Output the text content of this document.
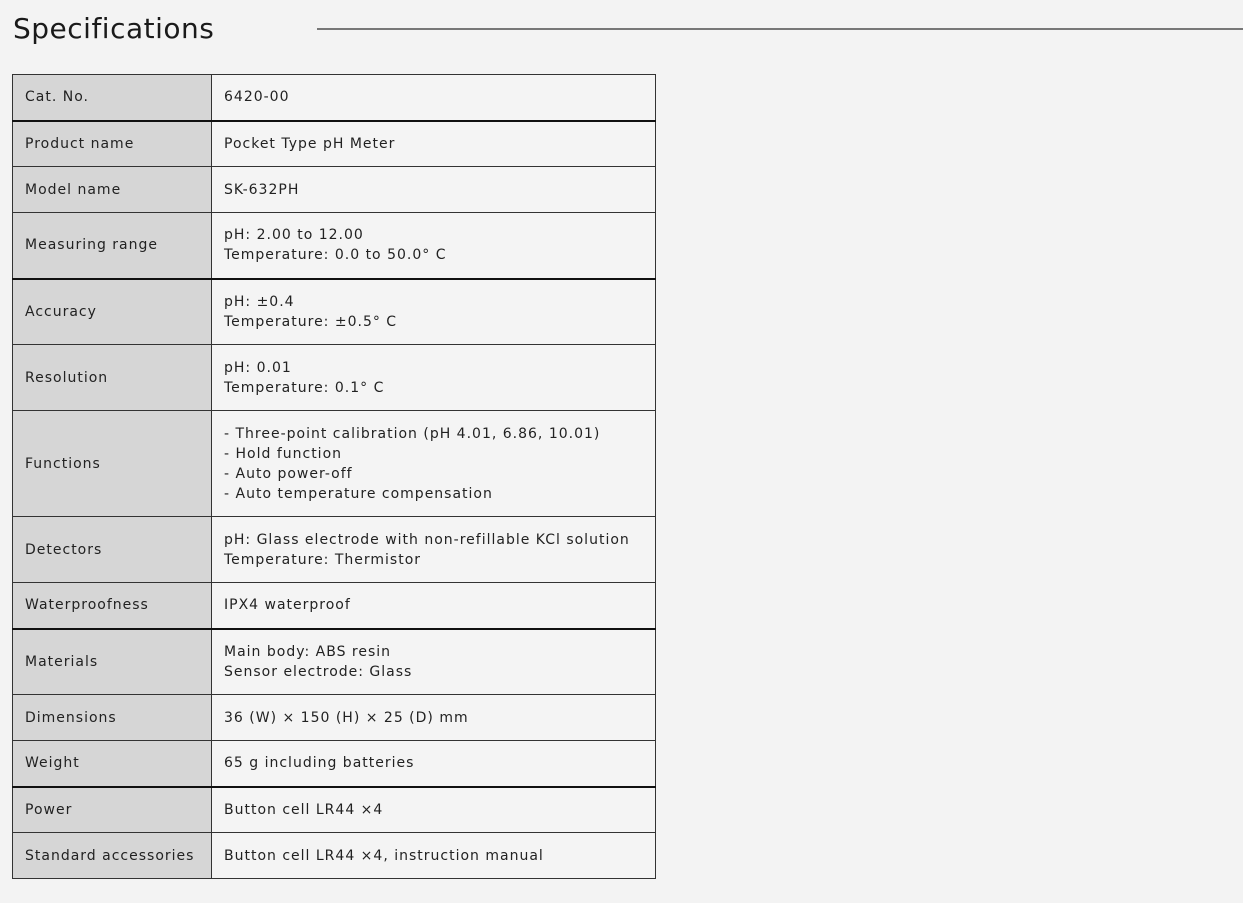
Specifications
Cat. No.	6420-00

Product name	Pocket Type pH Meter

Model name	SK-632PH

Measuring range	pH: 2.00 to 12.00
Temperature: 0.0 to 50.0° C

Accuracy	pH: ±0.4
Temperature: ±0.5° C

Resolution	pH: 0.01
Temperature: 0.1° C

Functions	- Three-point calibration (pH 4.01, 6.86, 10.01)
- Hold function
- Auto power-off
- Auto temperature compensation

Detectors	pH: Glass electrode with non-refillable KCl solution
Temperature: Thermistor

Waterproofness	IPX4 waterproof

Materials	Main body: ABS resin
Sensor electrode: Glass

Dimensions	36 (W) × 150 (H) × 25 (D) mm

Weight	65 g including batteries

Power	Button cell LR44 ×4

Standard accessories	Button cell LR44 ×4, instruction manual
